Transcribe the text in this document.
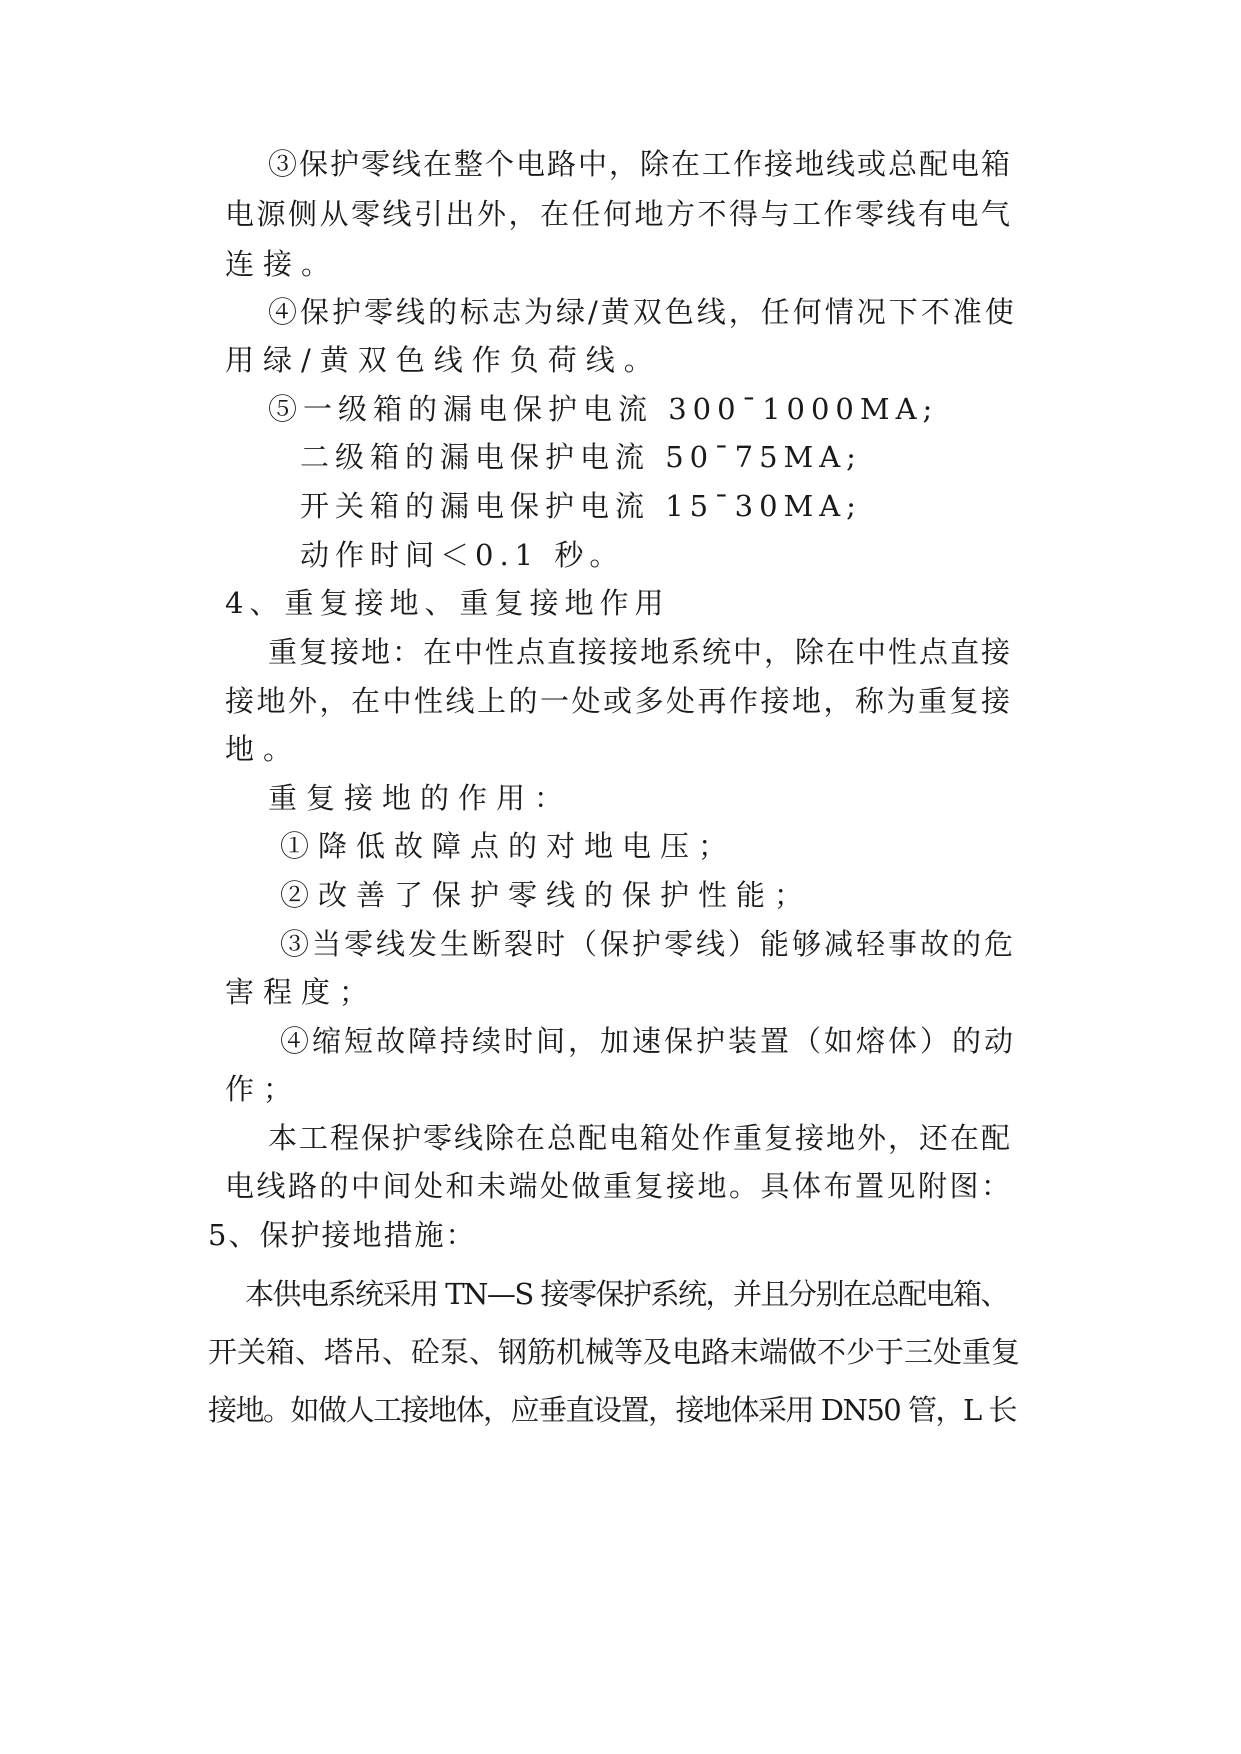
③保护零线在整个电路中，除在工作接地线或总配电箱

电源侧从零线引出外，在任何地方不得与工作零线有电气

连接。

④保护零线的标志为绿/黄双色线，任何情况下不准使

用绿/黄双色线作负荷线。

⑤一级箱的漏电保护电流 300ˉ1000MA;

二级箱的漏电保护电流 50ˉ75MA;

开关箱的漏电保护电流 15ˉ30MA;

动作时间＜0.1 秒。

4、重复接地、重复接地作用

重复接地：在中性点直接接地系统中，除在中性点直接

接地外，在中性线上的一处或多处再作接地，称为重复接

地。

重复接地的作用：

①降低故障点的对地电压；

②改善了保护零线的保护性能；

③当零线发生断裂时（保护零线）能够减轻事故的危

害程度；

④缩短故障持续时间，加速保护装置（如熔体）的动

作；

本工程保护零线除在总配电箱处作重复接地外，还在配

电线路的中间处和未端处做重复接地。具体布置见附图：

5、保护接地措施：

本供电系统采用 TN—S 接零保护系统，并且分别在总配电箱、

开关箱、塔吊、砼泵、钢筋机械等及电路末端做不少于三处重复

接地。如做人工接地体，应垂直设置，接地体采用 DN50 管，L 长
